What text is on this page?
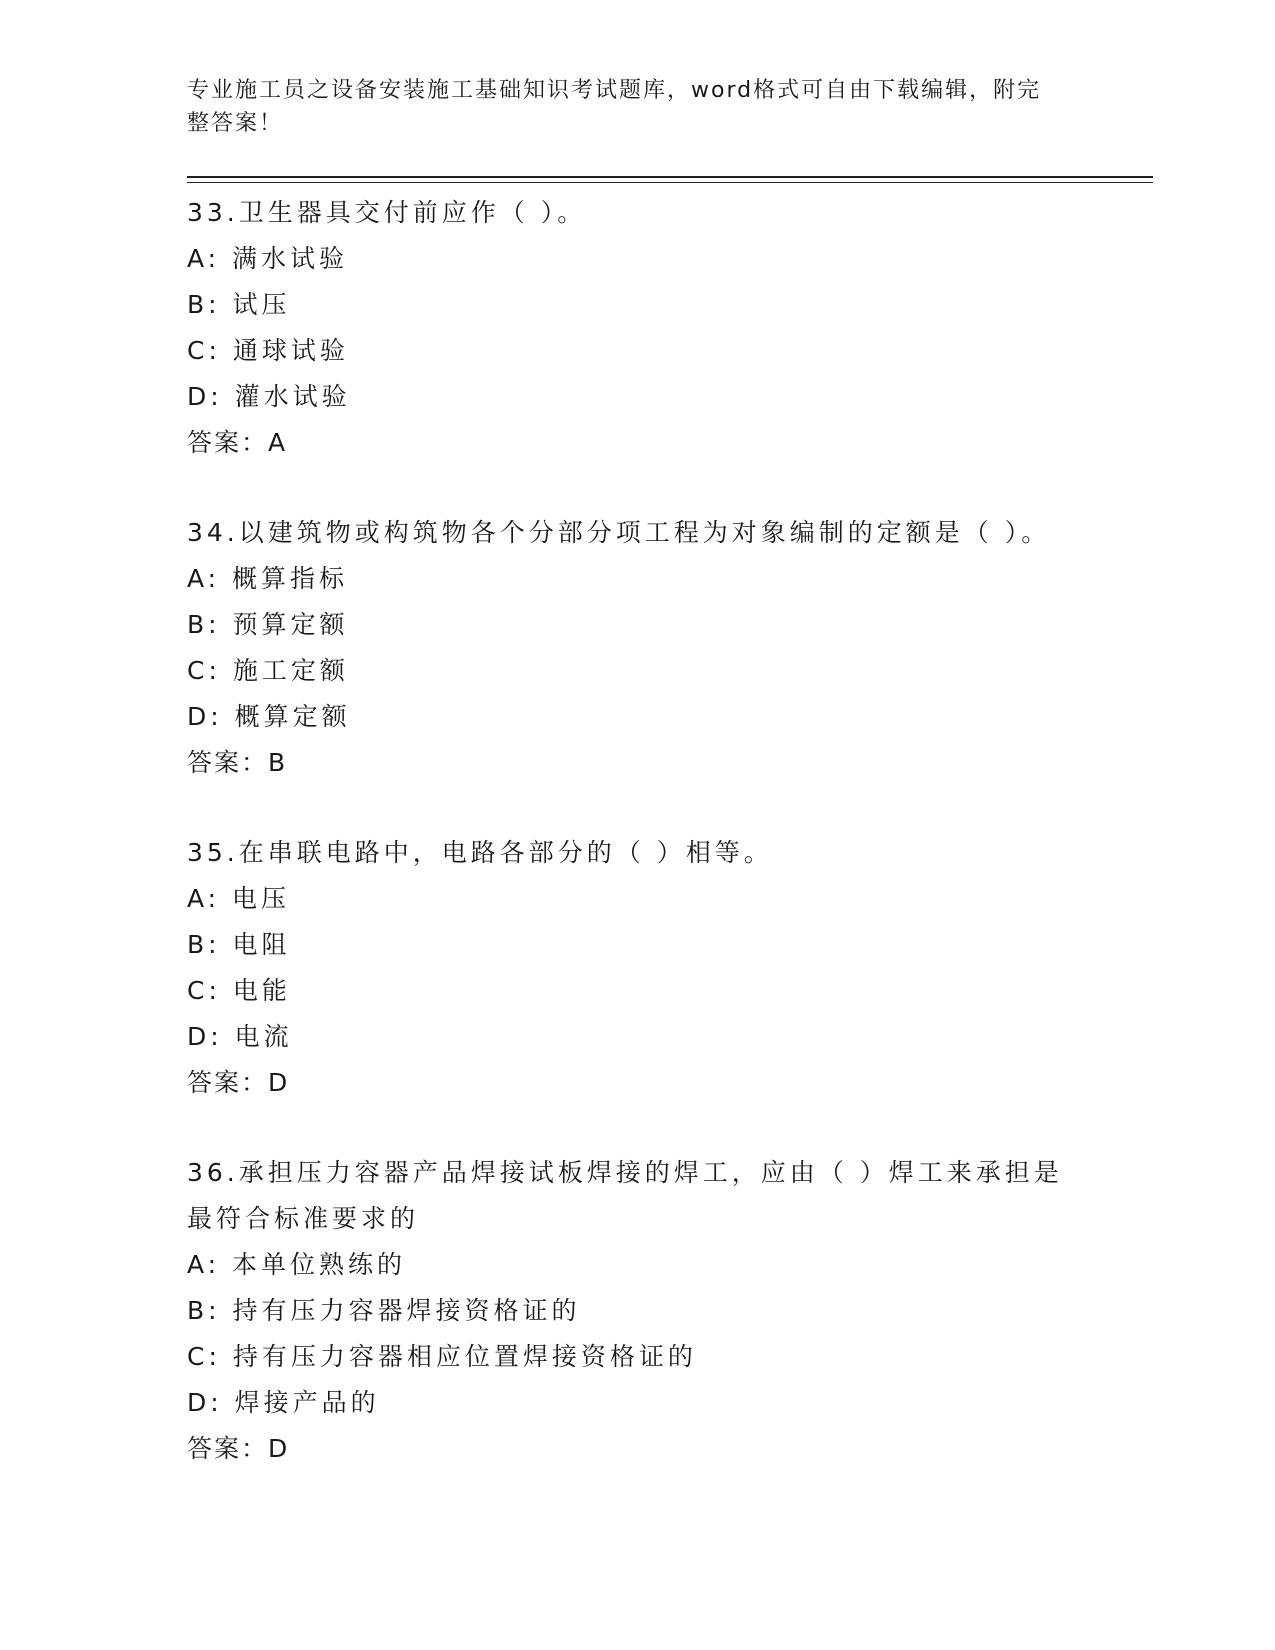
专业施工员之设备安装施工基础知识考试题库，word格式可自由下载编辑，附完
整答案！
33.卫生器具交付前应作（ ）。
A: 满水试验
B: 试压
C: 通球试验
D: 灌水试验
答案：A
34.以建筑物或构筑物各个分部分项工程为对象编制的定额是（ ）。
A: 概算指标
B: 预算定额
C: 施工定额
D: 概算定额
答案：B
35.在串联电路中，电路各部分的（ ）相等。
A: 电压
B: 电阻
C: 电能
D: 电流
答案：D
36.承担压力容器产品焊接试板焊接的焊工，应由（ ）焊工来承担是
最符合标准要求的
A: 本单位熟练的
B: 持有压力容器焊接资格证的
C: 持有压力容器相应位置焊接资格证的
D: 焊接产品的
答案：D
